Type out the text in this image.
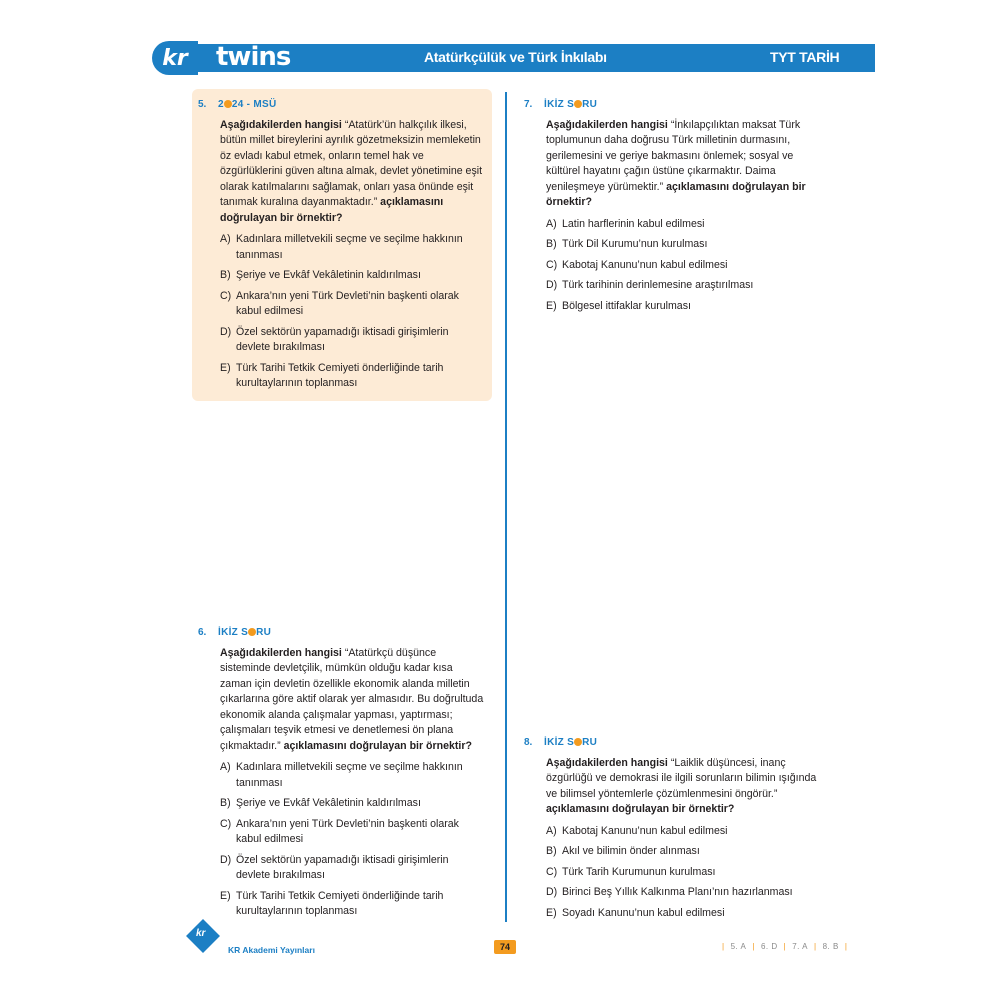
kr	twins	Atatürkçülük ve Türk İnkılabı	TYT TARİH
5.	2 24 - MSÜ
Aşağıdakilerden hangisi “Atatürk’ün halkçılık ilkesi, bütün millet bireylerini ayrılık gözetmeksizin memleketin öz evladı kabul etmek, onların temel hak ve özgürlüklerini güven altına almak, devlet yönetimine eşit olarak katılmalarını sağlamak, onları yasa önünde eşit tanımak kuralına dayanmaktadır.” açıklamasını doğrulayan bir örnektir?
A) Kadınlara milletvekili seçme ve seçilme hakkının tanınması
B) Şeriye ve Evkâf Vekâletinin kaldırılması
C) Ankara’nın yeni Türk Devleti’nin başkenti olarak kabul edilmesi
D) Özel sektörün yapamadığı iktisadi girişimlerin devlete bırakılması
E) Türk Tarihi Tetkik Cemiyeti önderliğinde tarih kurultaylarının toplanması
6.	İKİZ S RU
Aşağıdakilerden hangisi “Atatürkçü düşünce sisteminde devletçilik, mümkün olduğu kadar kısa zaman için devletin özellikle ekonomik alanda milletin çıkarlarına göre aktif olarak yer almasıdır. Bu doğrultuda ekonomik alanda çalışmalar yapması, yaptırması; çalışmaları teşvik etmesi ve denetlemesi ön plana çıkmaktadır.” açıklamasını doğrulayan bir örnektir?
A) Kadınlara milletvekili seçme ve seçilme hakkının tanınması
B) Şeriye ve Evkâf Vekâletinin kaldırılması
C) Ankara’nın yeni Türk Devleti’nin başkenti olarak kabul edilmesi
D) Özel sektörün yapamadığı iktisadi girişimlerin devlete bırakılması
E) Türk Tarihi Tetkik Cemiyeti önderliğinde tarih kurultaylarının toplanması
7.	İKİZ S RU
Aşağıdakilerden hangisi “İnkılapçılıktan maksat Türk toplumunun daha doğrusu Türk milletinin durmasını, gerilemesini ve geriye bakmasını önlemek; sosyal ve kültürel hayatını çağın üstüne çıkarmaktır. Daima yenileşmeye yürümektir.” açıklamasını doğrulayan bir örnektir?
A) Latin harflerinin kabul edilmesi
B) Türk Dil Kurumu’nun kurulması
C) Kabotaj Kanunu’nun kabul edilmesi
D) Türk tarihinin derinlemesine araştırılması
E) Bölgesel ittifaklar kurulması
8.	İKİZ S RU
Aşağıdakilerden hangisi “Laiklik düşüncesi, inanç özgürlüğü ve demokrasi ile ilgili sorunların bilimin ışığında ve bilimsel yöntemlerle çözümlenmesini öngörür.” açıklamasını doğrulayan bir örnektir?
A) Kabotaj Kanunu’nun kabul edilmesi
B) Akıl ve bilimin önder alınması
C) Türk Tarih Kurumunun kurulması
D) Birinci Beş Yıllık Kalkınma Planı’nın hazırlanması
E) Soyadı Kanunu’nun kabul edilmesi
kr
KR Akademi Yayınları	74	| 5. A | 6. D | 7. A | 8. B |
